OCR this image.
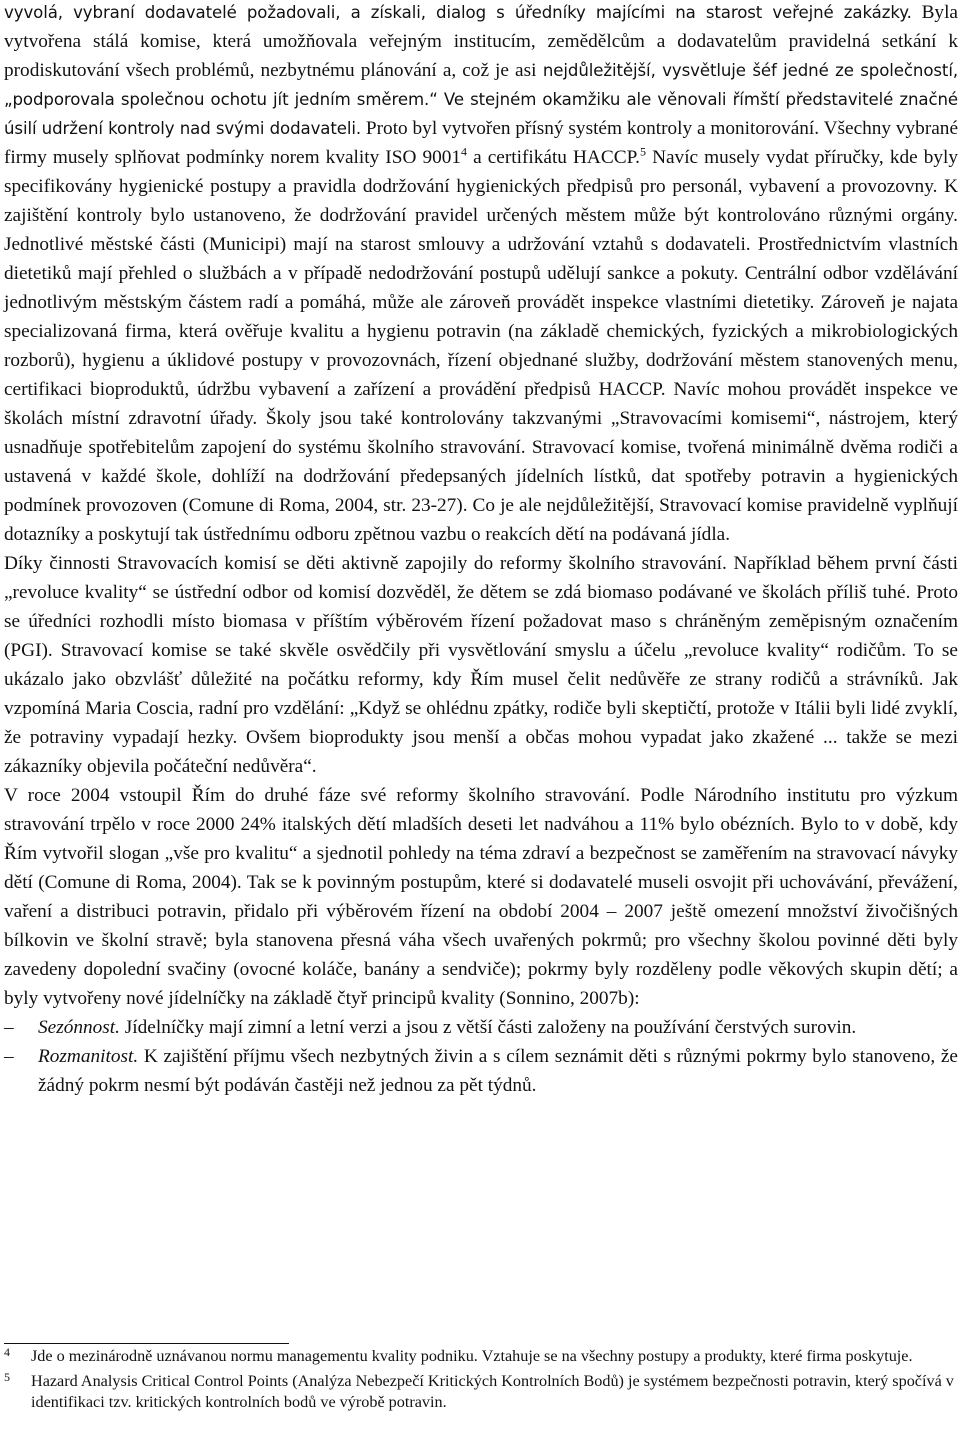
vyvolá, vybraní dodavatelé požadovali, a získali, dialog s úředníky majícími na starost veřejné zakázky. Byla vytvořena stálá komise, která umožňovala veřejným institucím, zemědělcům a dodavatelům pravidelná setkání k prodiskutování všech problémů, nezbytnému plánování a, což je asi nejdůležitější, vysvětluje šéf jedné ze společností, „podporovala společnou ochotu jít jedním směrem.“ Ve stejném okamžiku ale věnovali římští představitelé značné úsilí udržení kontroly nad svými dodavateli. Proto byl vytvořen přísný systém kontroly a monitorování. Všechny vybrané firmy musely splňovat podmínky norem kvality ISO 9001$^4$ a certifikátu HACCP.$^5$ Navíc musely vydat příručky, kde byly specifikovány hygienické postupy a pravidla dodržování hygienických předpisů pro personál, vybavení a provozovny. K zajištění kontroly bylo ustanoveno, že dodržování pravidel určených městem může být kontrolováno různými orgány. Jednotlivé městské části (Municipi) mají na starost smlouvy a udržování vztahů s dodavateli. Prostřednictvím vlastních dietetiků mají přehled o službách a v případě nedodržování postupů udělují sankce a pokuty. Centrální odbor vzdělávání jednotlivým městským částem radí a pomáhá, může ale zároveň provádět inspekce vlastními dietetiky. Zároveň je najata specializovaná firma, která ověřuje kvalitu a hygienu potravin (na základě chemických, fyzických a mikrobiologických rozborů), hygienu a úklidové postupy v provozovnách, řízení objednané služby, dodržování městem stanovených menu, certifikaci bioproduktů, údržbu vybavení a zařízení a provádění předpisů HACCP. Navíc mohou provádět inspekce ve školách místní zdravotní úřady. Školy jsou také kontrolovány takzvanými „Stravovacími komisemi“, nástrojem, který usnadňuje spotřebitelům zapojení do systému školního stravování. Stravovací komise, tvořená minimálně dvěma rodiči a ustavená v každé škole, dohlíží na dodržování předepsaných jídelních lístků, dat spotřeby potravin a hygienických podmínek provozoven (Comune di Roma, 2004, str. 23-27). Co je ale nejdůležitější, Stravovací komise pravidelně vyplňují dotazníky a poskytují tak ústřednímu odboru zpětnou vazbu o reakcích dětí na podávaná jídla.

Díky činnosti Stravovacích komisí se děti aktivně zapojily do reformy školního stravování. Například během první části „revoluce kvality“ se ústřední odbor od komisí dozvěděl, že dětem se zdá biomaso podávané ve školách příliš tuhé. Proto se úředníci rozhodli místo biomasa v příštím výběrovém řízení požadovat maso s chráněným zeměpisným označením (PGI). Stravovací komise se také skvěle osvědčily při vysvětlování smyslu a účelu „revoluce kvality“ rodičům. To se ukázalo jako obzvlášť důležité na počátku reformy, kdy Řím musel čelit nedůvěře ze strany rodičů a strávníků. Jak vzpomíná Maria Coscia, radní pro vzdělání: „Když se ohlédnu zpátky, rodiče byli skeptičtí, protože v Itálii byli lidé zvyklí, že potraviny vypadají hezky. Ovšem bioprodukty jsou menší a občas mohou vypadat jako zkažené ... takže se mezi zákazníky objevila počáteční nedůvěra“.

V roce 2004 vstoupil Řím do druhé fáze své reformy školního stravování. Podle Národního institutu pro výzkum stravování trpělo v roce 2000 24% italských dětí mladších deseti let nadváhou a 11% bylo obézních. Bylo to v době, kdy Řím vytvořil slogan „vše pro kvalitu“ a sjednotil pohledy na téma zdraví a bezpečnost se zaměřením na stravovací návyky dětí (Comune di Roma, 2004). Tak se k povinným postupům, které si dodavatelé museli osvojit při uchovávání, převážení, vaření a distribuci potravin, přidalo při výběrovém řízení na období 2004 – 2007 ještě omezení množství živočišných bílkovin ve školní stravě; byla stanovena přesná váha všech uvařených pokrmů; pro všechny školou povinné děti byly zavedeny dopolední svačiny (ovocné koláče, banány a sendviče); pokrmy byly rozděleny podle věkových skupin dětí; a byly vytvořeny nové jídelníčky na základě čtyř principů kvality (Sonnino, 2007b):

–	Sezónnost. Jídelníčky mají zimní a letní verzi a jsou z větší části založeny na používání čerstvých surovin.
–	Rozmanitost. K zajištění příjmu všech nezbytných živin a s cílem seznámit děti s různými pokrmy bylo stanoveno, že žádný pokrm nesmí být podáván častěji než jednou za pět týdnů.
4 Jde o mezinárodně uznávanou normu managementu kvality podniku. Vztahuje se na všechny postupy a produkty, které firma poskytuje.
5 Hazard Analysis Critical Control Points (Analýza Nebezpečí Kritických Kontrolních Bodů) je systémem bezpečnosti potravin, který spočívá v identifikaci tzv. kritických kontrolních bodů ve výrobě potravin.
